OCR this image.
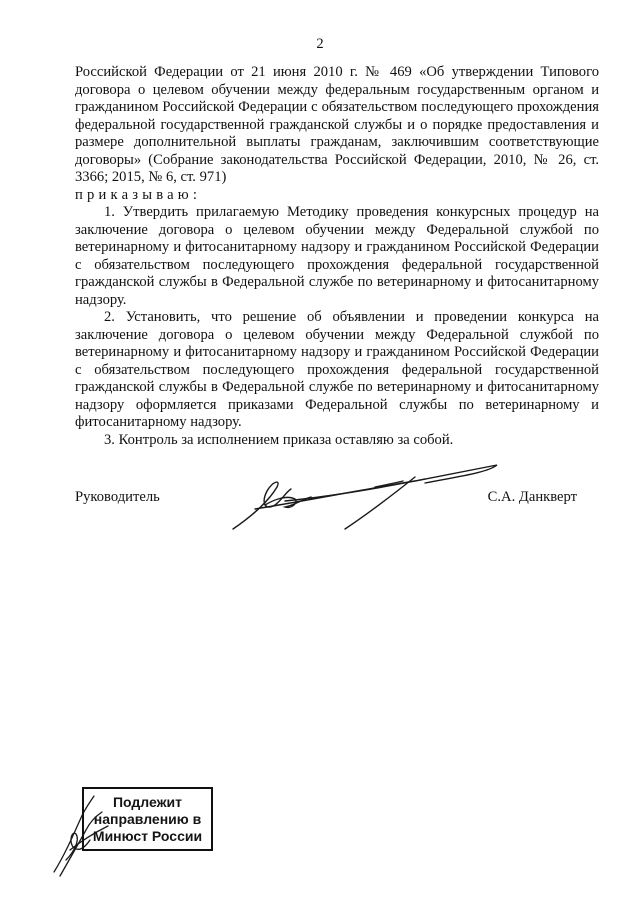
2

Российской Федерации от 21 июня 2010 г. № 469 «Об утверждении Типового договора о целевом обучении между федеральным государственным органом и гражданином Российской Федерации с обязательством последующего прохождения федеральной государственной гражданской службы и о порядке предоставления и размере дополнительной выплаты гражданам, заключившим соответствующие договоры» (Собрание законодательства Российской Федерации, 2010, № 26, ст. 3366; 2015, № 6, ст. 971)

приказываю:

1. Утвердить прилагаемую Методику проведения конкурсных процедур на заключение договора о целевом обучении между Федеральной службой по ветеринарному и фитосанитарному надзору и гражданином Российской Федерации с обязательством последующего прохождения федеральной государственной гражданской службы в Федеральной службе по ветеринарному и фитосанитарному надзору.

2. Установить, что решение об объявлении и проведении конкурса на заключение договора о целевом обучении между Федеральной службой по ветеринарному и фитосанитарному надзору и гражданином Российской Федерации с обязательством последующего прохождения федеральной государственной гражданской службы в Федеральной службе по ветеринарному и фитосанитарному надзору оформляется приказами Федеральной службы по ветеринарному и фитосанитарному надзору.

3. Контроль за исполнением приказа оставляю за собой.

Руководитель	С.А. Данкверт
Подлежит
направлению в
Минюст России
